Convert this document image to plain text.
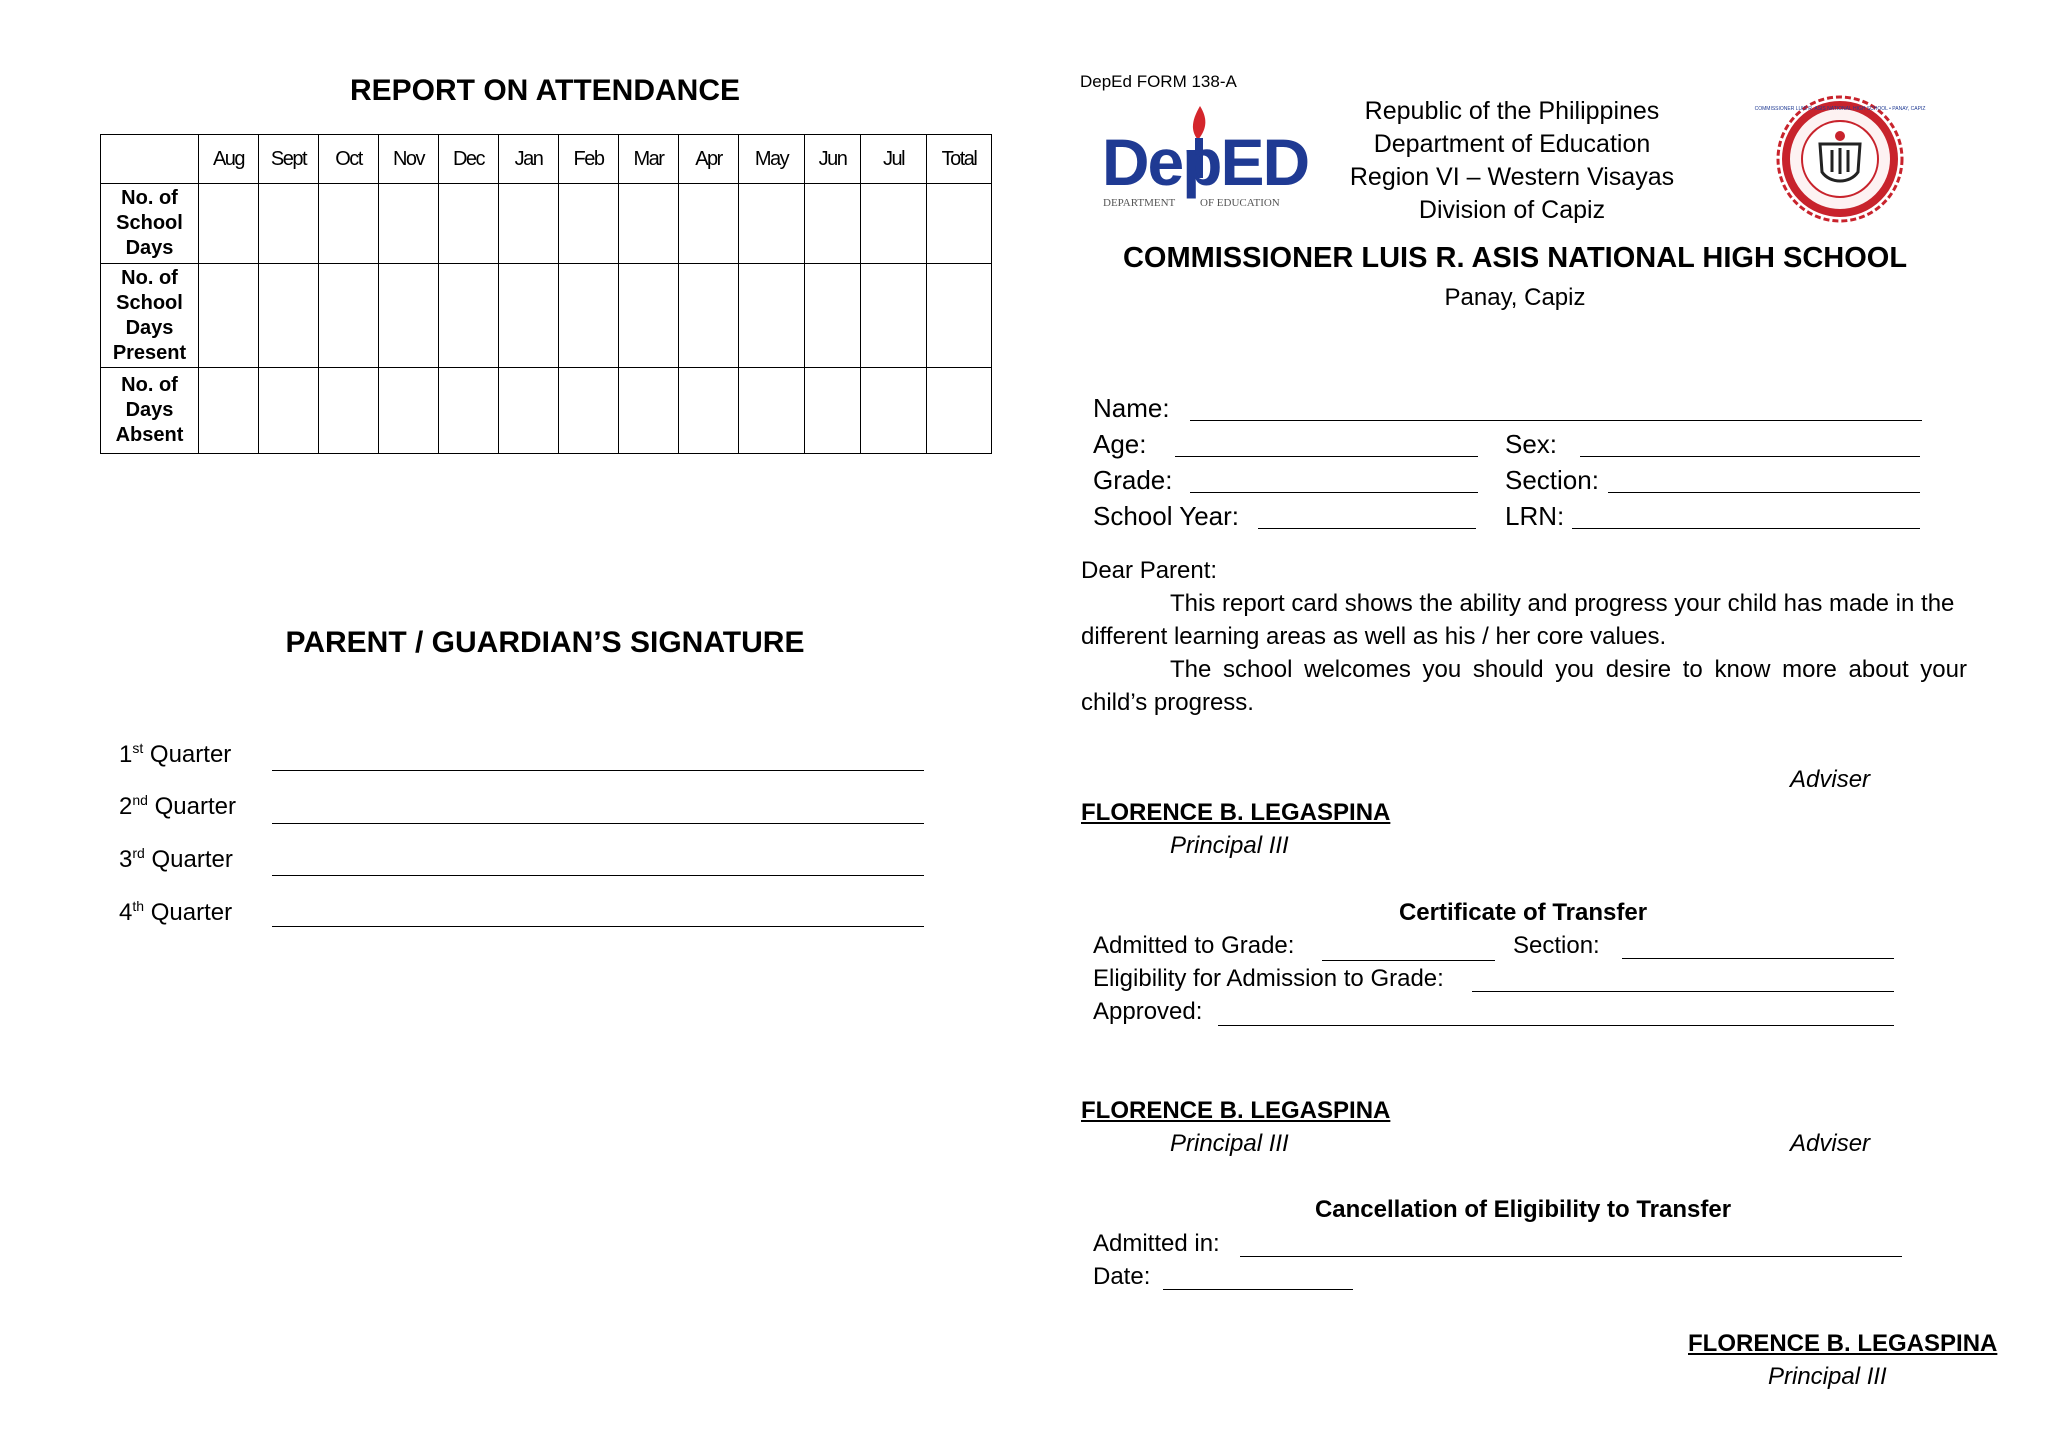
REPORT ON ATTENDANCE
	Aug	Sept	Oct	Nov	Dec	Jan	Feb	Mar	Apr	May	Jun	Jul	Total

No. of
School
Days													

No. of
School
Days
Present													

No. of
Days
Absent													

PARENT / GUARDIAN’S SIGNATURE
1st Quarter
2nd Quarter
3rd Quarter
4th Quarter
DepEd FORM 138-A
DepED
DEPARTMENT OF EDUCATION
Republic of the Philippines
Department of Education
Region VI – Western Visayas
Division of Capiz
COMMISSIONER LUIS R. ASIS NATIONAL HIGH SCHOOL • PANAY, CAPIZ
COMMISSIONER LUIS R. ASIS NATIONAL HIGH SCHOOL
Panay, Capiz
Name:
Age:	Sex:
Grade:	Section:
School Year:	LRN:
Dear Parent:
This report card shows the ability and progress your child has made in the
different learning areas as well as his / her core values.
The school welcomes you should you desire to know more about your
child’s progress.
Adviser
FLORENCE B. LEGASPINA
Principal III
Certificate of Transfer
Admitted to Grade:	Section:
Eligibility for Admission to Grade:
Approved:
FLORENCE B. LEGASPINA
Principal III	Adviser
Cancellation of Eligibility to Transfer
Admitted in:
Date:
FLORENCE B. LEGASPINA
Principal III
